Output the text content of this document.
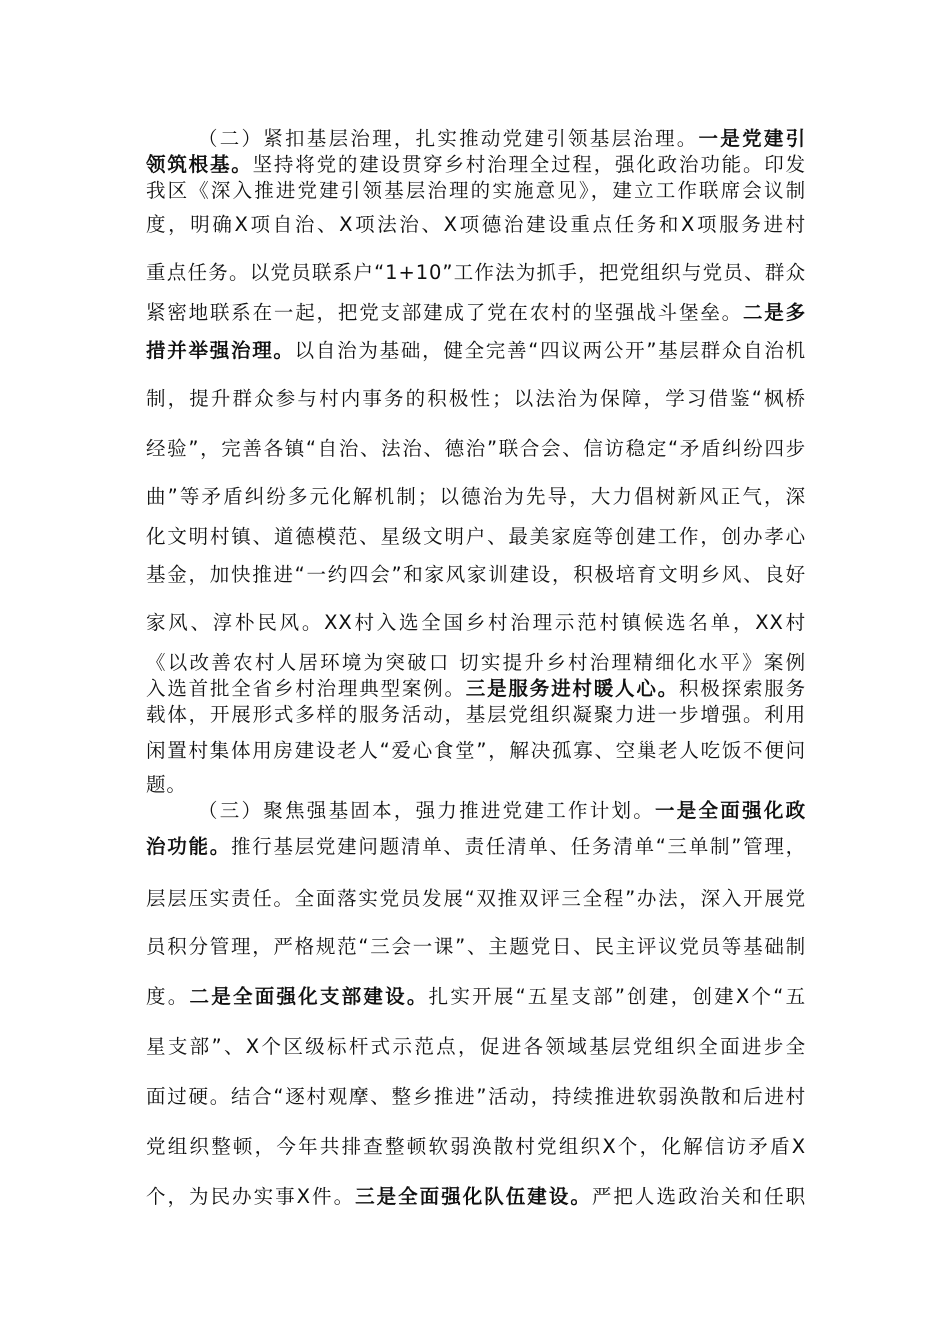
（二）紧扣基层治理，扎实推动党建引领基层治理。一是党建引
领筑根基。坚持将党的建设贯穿乡村治理全过程，强化政治功能。印发
我区《深入推进党建引领基层治理的实施意见》，建立工作联席会议制
度，明确X项自治、X项法治、X项德治建设重点任务和X项服务进村
重点任务。以党员联系户“1+10”工作法为抓手，把党组织与党员、群众
紧密地联系在一起，把党支部建成了党在农村的坚强战斗堡垒。二是多
措并举强治理。以自治为基础，健全完善“四议两公开”基层群众自治机
制，提升群众参与村内事务的积极性；以法治为保障，学习借鉴“枫桥
经验”，完善各镇“自治、法治、德治”联合会、信访稳定“矛盾纠纷四步
曲”等矛盾纠纷多元化解机制；以德治为先导，大力倡树新风正气，深
化文明村镇、道德模范、星级文明户、最美家庭等创建工作，创办孝心
基金，加快推进“一约四会”和家风家训建设，积极培育文明乡风、良好
家风、淳朴民风。XX村入选全国乡村治理示范村镇候选名单，XX村
《以改善农村人居环境为突破口 切实提升乡村治理精细化水平》案例
入选首批全省乡村治理典型案例。三是服务进村暖人心。积极探索服务
载体，开展形式多样的服务活动，基层党组织凝聚力进一步增强。利用
闲置村集体用房建设老人“爱心食堂”，解决孤寡、空巢老人吃饭不便问
题。
（三）聚焦强基固本，强力推进党建工作计划。一是全面强化政
治功能。推行基层党建问题清单、责任清单、任务清单“三单制”管理，
层层压实责任。全面落实党员发展“双推双评三全程”办法，深入开展党
员积分管理，严格规范“三会一课”、主题党日、民主评议党员等基础制
度。二是全面强化支部建设。扎实开展“五星支部”创建，创建X个“五
星支部”、X个区级标杆式示范点，促进各领域基层党组织全面进步全
面过硬。结合“逐村观摩、整乡推进”活动，持续推进软弱涣散和后进村
党组织整顿，今年共排查整顿软弱涣散村党组织X个，化解信访矛盾X
个，为民办实事X件。三是全面强化队伍建设。严把人选政治关和任职
